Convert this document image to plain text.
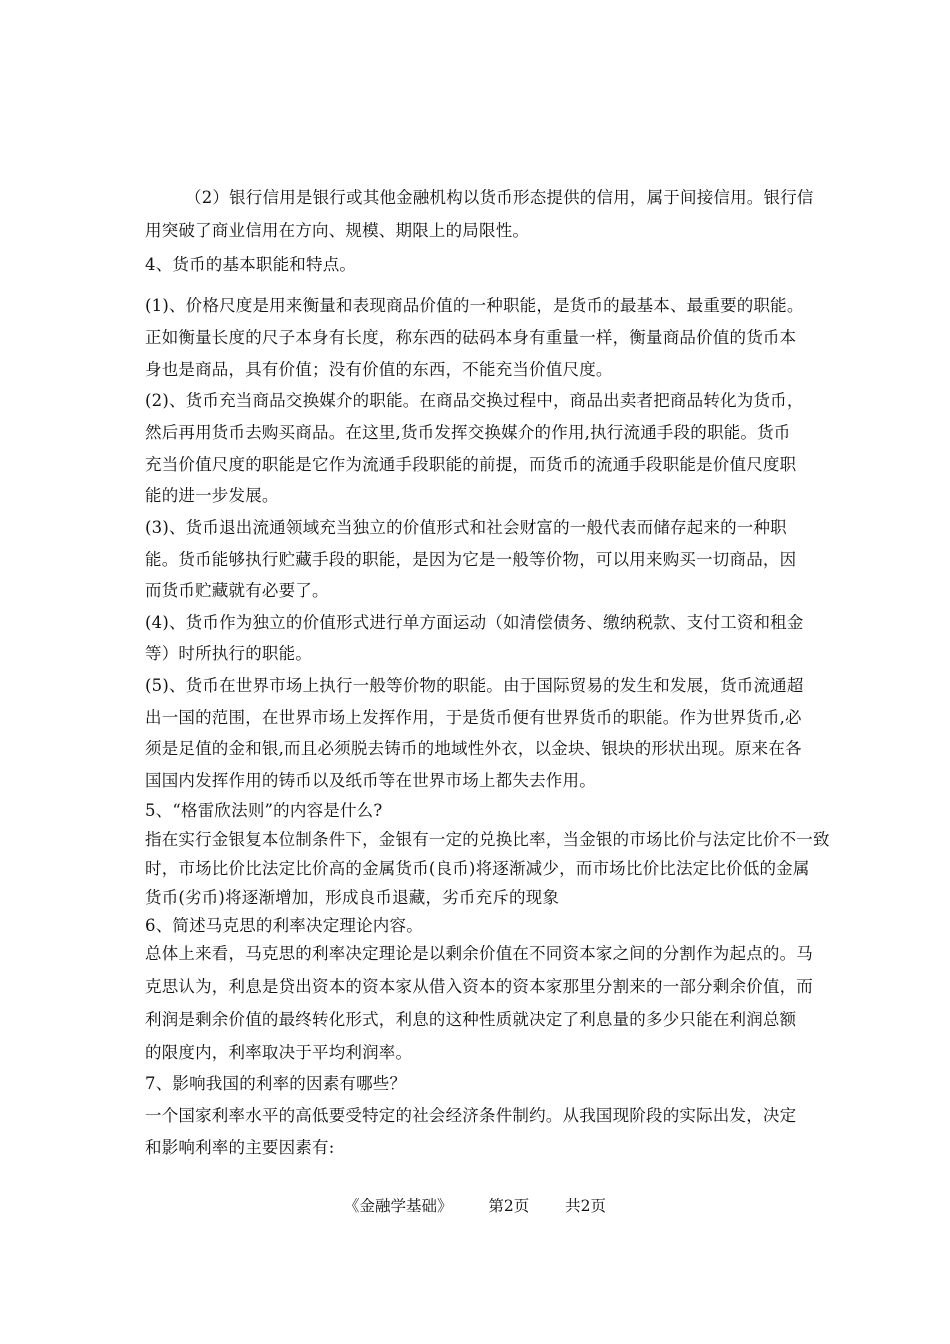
（2）银行信用是银行或其他金融机构以货币形态提供的信用，属于间接信用。银行信
用突破了商业信用在方向、规模、期限上的局限性。
4、货币的基本职能和特点。
(1)、价格尺度是用来衡量和表现商品价值的一种职能，是货币的最基本、最重要的职能。
正如衡量长度的尺子本身有长度，称东西的砝码本身有重量一样，衡量商品价值的货币本
身也是商品，具有价值；没有价值的东西，不能充当价值尺度。
(2)、货币充当商品交换媒介的职能。在商品交换过程中，商品出卖者把商品转化为货币，
然后再用货币去购买商品。在这里,货币发挥交换媒介的作用,执行流通手段的职能。货币
充当价值尺度的职能是它作为流通手段职能的前提，而货币的流通手段职能是价值尺度职
能的进一步发展。
(3)、货币退出流通领域充当独立的价值形式和社会财富的一般代表而储存起来的一种职
能。货币能够执行贮藏手段的职能，是因为它是一般等价物，可以用来购买一切商品，因
而货币贮藏就有必要了。
(4)、货币作为独立的价值形式进行单方面运动（如清偿债务、缴纳税款、支付工资和租金
等）时所执行的职能。
(5)、货币在世界市场上执行一般等价物的职能。由于国际贸易的发生和发展，货币流通超
出一国的范围，在世界市场上发挥作用，于是货币便有世界货币的职能。作为世界货币,必
须是足值的金和银,而且必须脱去铸币的地域性外衣，以金块、银块的形状出现。原来在各
国国内发挥作用的铸币以及纸币等在世界市场上都失去作用。
5、“格雷欣法则”的内容是什么?
指在实行金银复本位制条件下，金银有一定的兑换比率，当金银的市场比价与法定比价不一致
时，市场比价比法定比价高的金属货币(良币)将逐渐减少，而市场比价比法定比价低的金属
货币(劣币)将逐渐增加，形成良币退藏，劣币充斥的现象
6、简述马克思的利率决定理论内容。
总体上来看，马克思的利率决定理论是以剩余价值在不同资本家之间的分割作为起点的。马
克思认为，利息是贷出资本的资本家从借入资本的资本家那里分割来的一部分剩余价值，而
利润是剩余价值的最终转化形式，利息的这种性质就决定了利息量的多少只能在利润总额
的限度内，利率取决于平均利润率。
7、影响我国的利率的因素有哪些？
一个国家利率水平的高低要受特定的社会经济条件制约。从我国现阶段的实际出发，决定
和影响利率的主要因素有:
《金融学基础》 第2页 共2页
